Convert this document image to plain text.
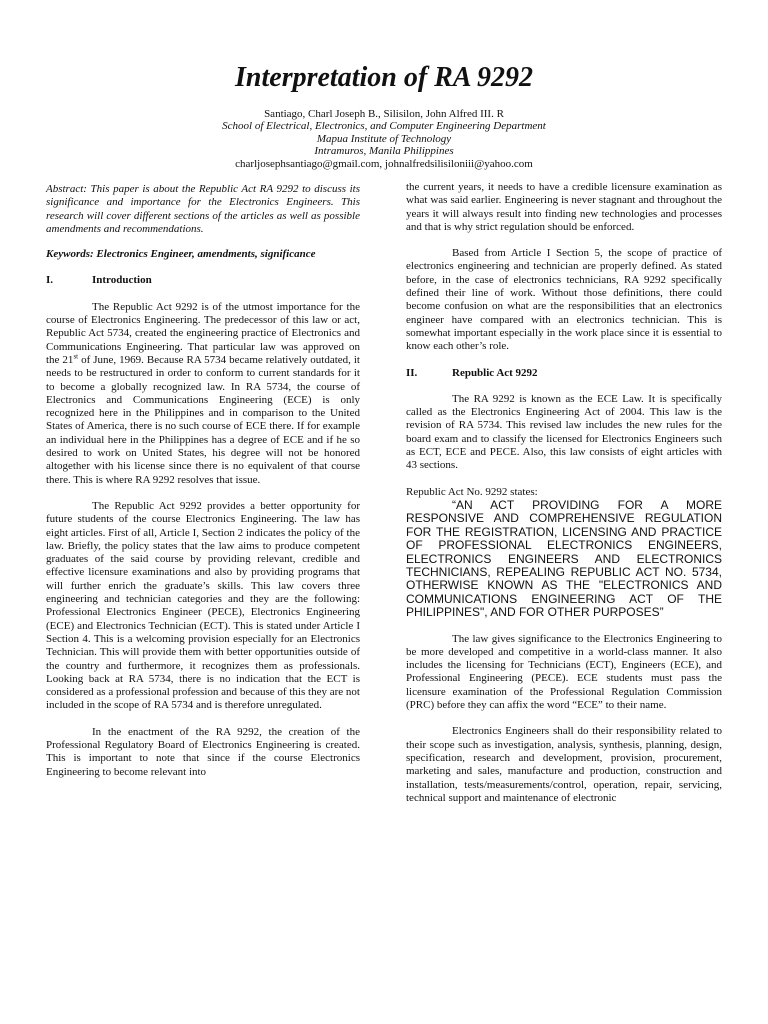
Interpretation of RA 9292
Santiago, Charl Joseph B., Silisilon, John Alfred III. R
School of Electrical, Electronics, and Computer Engineering Department
Mapua Institute of Technology
Intramuros, Manila Philippines
charljosephsantiago@gmail.com, johnalfredsilisiloniii@yahoo.com

Abstract: This paper is about the Republic Act RA 9292 to discuss its significance and importance for the Electronics Engineers. This research will cover different sections of the articles as well as possible amendments and recommendations.

Keywords: Electronics Engineer, amendments, significance

I.	Introduction

The Republic Act 9292 is of the utmost importance for the course of Electronics Engineering. The predecessor of this law or act, Republic Act 5734, created the engineering practice of Electronics and Communications Engineering. That particular law was approved on the 21st of June, 1969. Because RA 5734 became relatively outdated, it needs to be restructured in order to conform to current standards for it to become a globally recognized law. In RA 5734, the course of Electronics and Communications Engineering (ECE) is only recognized here in the Philippines and in comparison to the United States of America, there is no such course of ECE there. If for example an individual here in the Philippines has a degree of ECE and if he so desired to work on United States, his degree will not be honored altogether with his license since there is no equivalent of that course there. This is where RA 9292 resolves that issue.

The Republic Act 9292 provides a better opportunity for future students of the course Electronics Engineering. The law has eight articles. First of all, Article I, Section 2 indicates the policy of the law. Briefly, the policy states that the law aims to produce competent graduates of the said course by providing relevant, credible and effective licensure examinations and also by providing programs that will further enrich the graduate’s skills. This law covers three engineering and technician categories and they are the following: Professional Electronics Engineer (PECE), Electronics Engineering (ECE) and Electronics Technician (ECT). This is stated under Article I Section 4. This is a welcoming provision especially for an Electronics Technician. This will provide them with better opportunities outside of the country and furthermore, it recognizes them as professionals. Looking back at RA 5734, there is no indication that the ECT is considered as a professional profession and because of this they are not included in the scope of RA 5734 and is therefore unregulated.

In the enactment of the RA 9292, the creation of the Professional Regulatory Board of Electronics Engineering is created. This is important to note that since if the course Electronics Engineering to become relevant into

the current years, it needs to have a credible licensure examination as what was said earlier. Engineering is never stagnant and throughout the years it will always result into finding new technologies and processes and that is why strict regulation should be enforced.

Based from Article I Section 5, the scope of practice of electronics engineering and technician are properly defined. As stated before, in the case of electronics technicians, RA 9292 specifically defined their line of work. Without those definitions, there could become confusion on what are the responsibilities that an electronics engineer have compared with an electronics technician. This is somewhat important especially in the work place since it is essential to know each other’s role.

II.	Republic Act 9292

The RA 9292 is known as the ECE Law. It is specifically called as the Electronics Engineering Act of 2004. This law is the revision of RA 5734. This revised law includes the new rules for the board exam and to classify the licensed for Electronics Engineers such as ECT, ECE and PECE. Also, this law consists of eight articles with 43 sections.

Republic Act No. 9292 states:

“AN ACT PROVIDING FOR A MORE RESPONSIVE AND COMPREHENSIVE REGULATION FOR THE REGISTRATION, LICENSING AND PRACTICE OF PROFESSIONAL ELECTRONICS ENGINEERS, ELECTRONICS ENGINEERS AND ELECTRONICS TECHNICIANS, REPEALING REPUBLIC ACT NO. 5734, OTHERWISE KNOWN AS THE "ELECTRONICS AND COMMUNICATIONS ENGINEERING ACT OF THE PHILIPPINES", AND FOR OTHER PURPOSES”

The law gives significance to the Electronics Engineering to be more developed and competitive in a world-class manner. It also includes the licensing for Technicians (ECT), Engineers (ECE), and Professional Engineering (PECE). ECE students must pass the licensure examination of the Professional Regulation Commission (PRC) before they can affix the word “ECE” to their name.

Electronics Engineers shall do their responsibility related to their scope such as investigation, analysis, synthesis, planning, design, specification, research and development, provision, procurement, marketing and sales, manufacture and production, construction and installation, tests/measurements/control, operation, repair, servicing, technical support and maintenance of electronic
